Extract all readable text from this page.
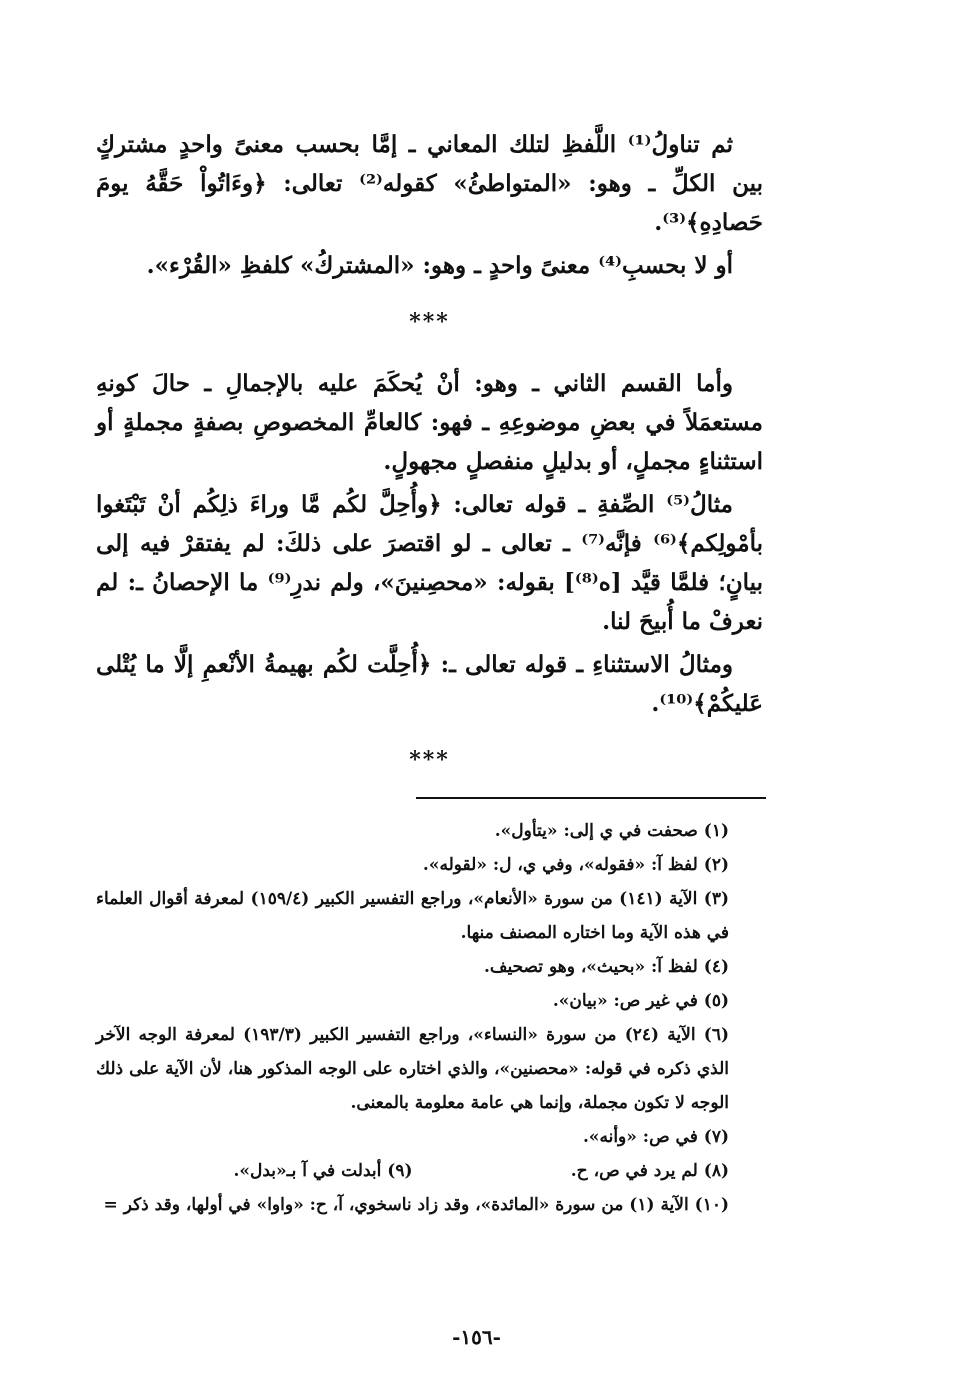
ثم تناولُ⁽¹⁾ اللَّفظِ لتلك المعاني ـ إمَّا بحسب معنىً واحدٍ مشتركٍ بين الكلِّ ـ وهو: «المتواطئُ» كقوله⁽²⁾ تعالى: ﴿وءَاتُواْ حَقَّهُ يومَ حَصادِهِ﴾⁽³⁾.

أو لا بحسبِ⁽⁴⁾ معنىً واحدٍ ـ وهو: «المشتركُ» كلفظِ «القُرْء».

***

وأما القسم الثاني ـ وهو: أنْ يُحكَمَ عليه بالإجمالِ ـ حالَ كونهِ مستعمَلاً في بعضِ موضوعِهِ ـ فهو: كالعامِّ المخصوصِ بصفةٍ مجملةٍ أو استثناءٍ مجملٍ، أو بدليلٍ منفصلٍ مجهولٍ.

مثالُ⁽⁵⁾ الصِّفةِ ـ قوله تعالى: ﴿وأُحِلَّ لكُم مَّا وراءَ ذلِكُم أنْ تَبْتَغوا بأمْولِكم﴾⁽⁶⁾ فإنَّه⁽⁷⁾ ـ تعالى ـ لو اقتصرَ على ذلكَ: لم يفتقرْ فيه إلى بيانٍ؛ فلمَّا قيَّد [ه⁽⁸⁾] بقوله: «محصِنينَ»، ولم ندرِ⁽⁹⁾ ما الإحصانُ ـ: لم نعرفْ ما أُبيحَ لنا.

ومثالُ الاستثناءِ ـ قوله تعالى ـ: ﴿أُحِلَّت لكُم بهيمةُ الأنْعمِ إلَّا ما يُتْلى عَليكُمْ﴾⁽¹⁰⁾.

***

(١) صحفت في ي إلى: «يتأول».

(٢) لفظ آ: «فقوله»، وفي ي، ل: «لقوله».

(٣) الآية (١٤١) من سورة «الأنعام»، وراجع التفسير الكبير (١٥٩/٤) لمعرفة أقوال العلماء في هذه الآية وما اختاره المصنف منها.

(٤) لفظ آ: «بحيث»، وهو تصحيف.

(٥) في غير ص: «بيان».

(٦) الآية (٢٤) من سورة «النساء»، وراجع التفسير الكبير (١٩٣/٣) لمعرفة الوجه الآخر الذي ذكره في قوله: «محصنين»، والذي اختاره على الوجه المذكور هنا، لأن الآية على ذلك الوجه لا تكون مجملة، وإنما هي عامة معلومة بالمعنى.

(٧) في ص: «وأنه».

(٨) لم يرد في ص، ح.
(٩) أبدلت في آ بـ«بدل».

(١٠) الآية (١) من سورة «المائدة»، وقد زاد ناسخوي، آ، ح: «واوا» في أولها، وقد ذكر =

-١٥٦-
